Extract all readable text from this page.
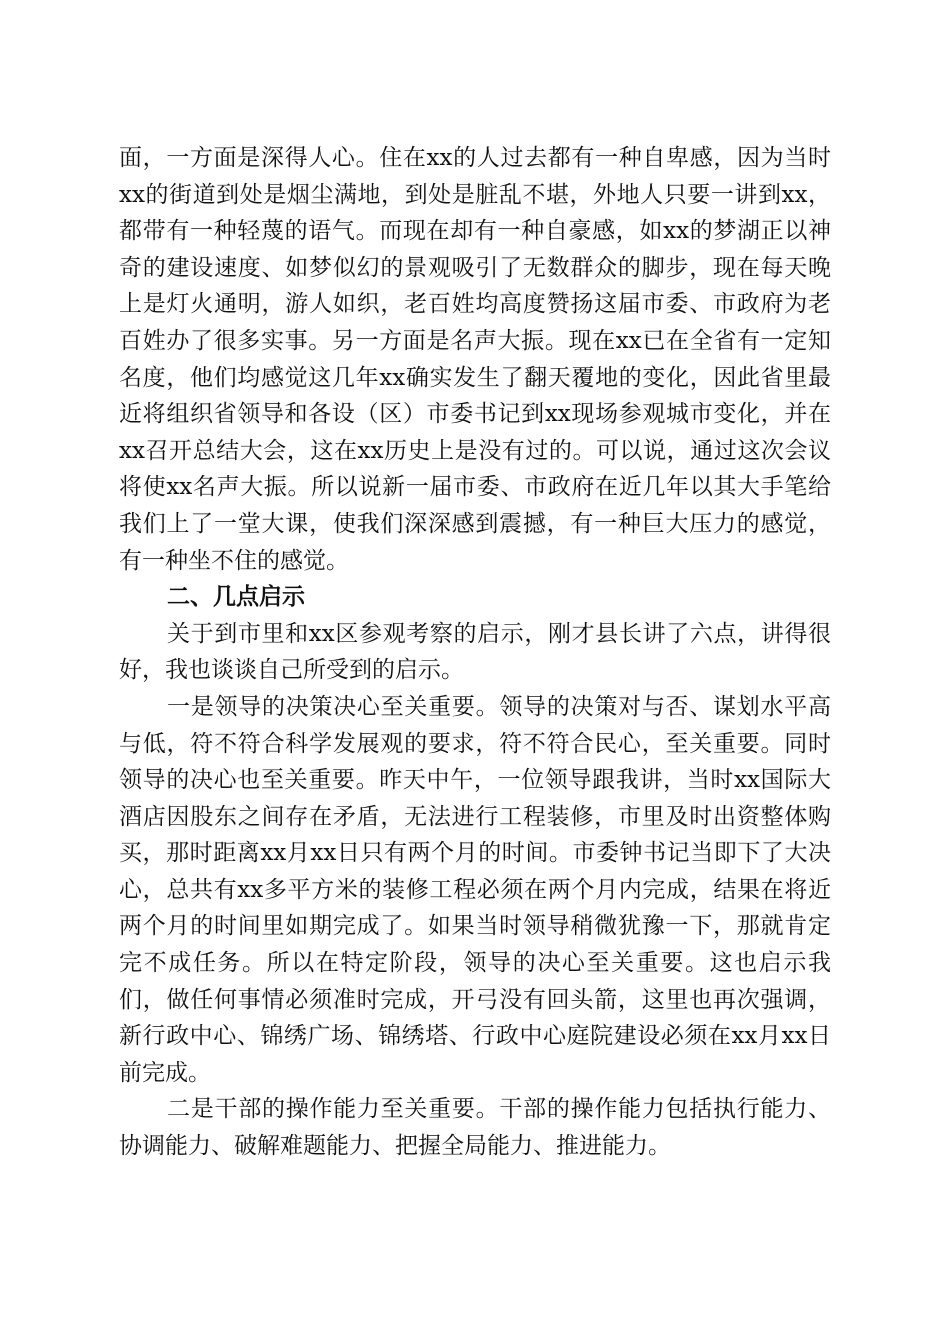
面，一方面是深得人心。住在xx的人过去都有一种自卑感，因为当时xx的街道到处是烟尘满地，到处是脏乱不堪，外地人只要一讲到xx，都带有一种轻蔑的语气。而现在却有一种自豪感，如xx的梦湖正以神奇的建设速度、如梦似幻的景观吸引了无数群众的脚步，现在每天晚上是灯火通明，游人如织，老百姓均高度赞扬这届市委、市政府为老百姓办了很多实事。另一方面是名声大振。现在xx已在全省有一定知名度，他们均感觉这几年xx确实发生了翻天覆地的变化，因此省里最近将组织省领导和各设（区）市委书记到xx现场参观城市变化，并在xx召开总结大会，这在xx历史上是没有过的。可以说，通过这次会议将使xx名声大振。所以说新一届市委、市政府在近几年以其大手笔给我们上了一堂大课，使我们深深感到震撼，有一种巨大压力的感觉，有一种坐不住的感觉。

二、几点启示

关于到市里和xx区参观考察的启示，刚才县长讲了六点，讲得很好，我也谈谈自己所受到的启示。

一是领导的决策决心至关重要。领导的决策对与否、谋划水平高与低，符不符合科学发展观的要求，符不符合民心，至关重要。同时领导的决心也至关重要。昨天中午，一位领导跟我讲，当时xx国际大酒店因股东之间存在矛盾，无法进行工程装修，市里及时出资整体购买，那时距离xx月xx日只有两个月的时间。市委钟书记当即下了大决心，总共有xx多平方米的装修工程必须在两个月内完成，结果在将近两个月的时间里如期完成了。如果当时领导稍微犹豫一下，那就肯定完不成任务。所以在特定阶段，领导的决心至关重要。这也启示我们，做任何事情必须准时完成，开弓没有回头箭，这里也再次强调，新行政中心、锦绣广场、锦绣塔、行政中心庭院建设必须在xx月xx日前完成。

二是干部的操作能力至关重要。干部的操作能力包括执行能力、协调能力、破解难题能力、把握全局能力、推进能力。
